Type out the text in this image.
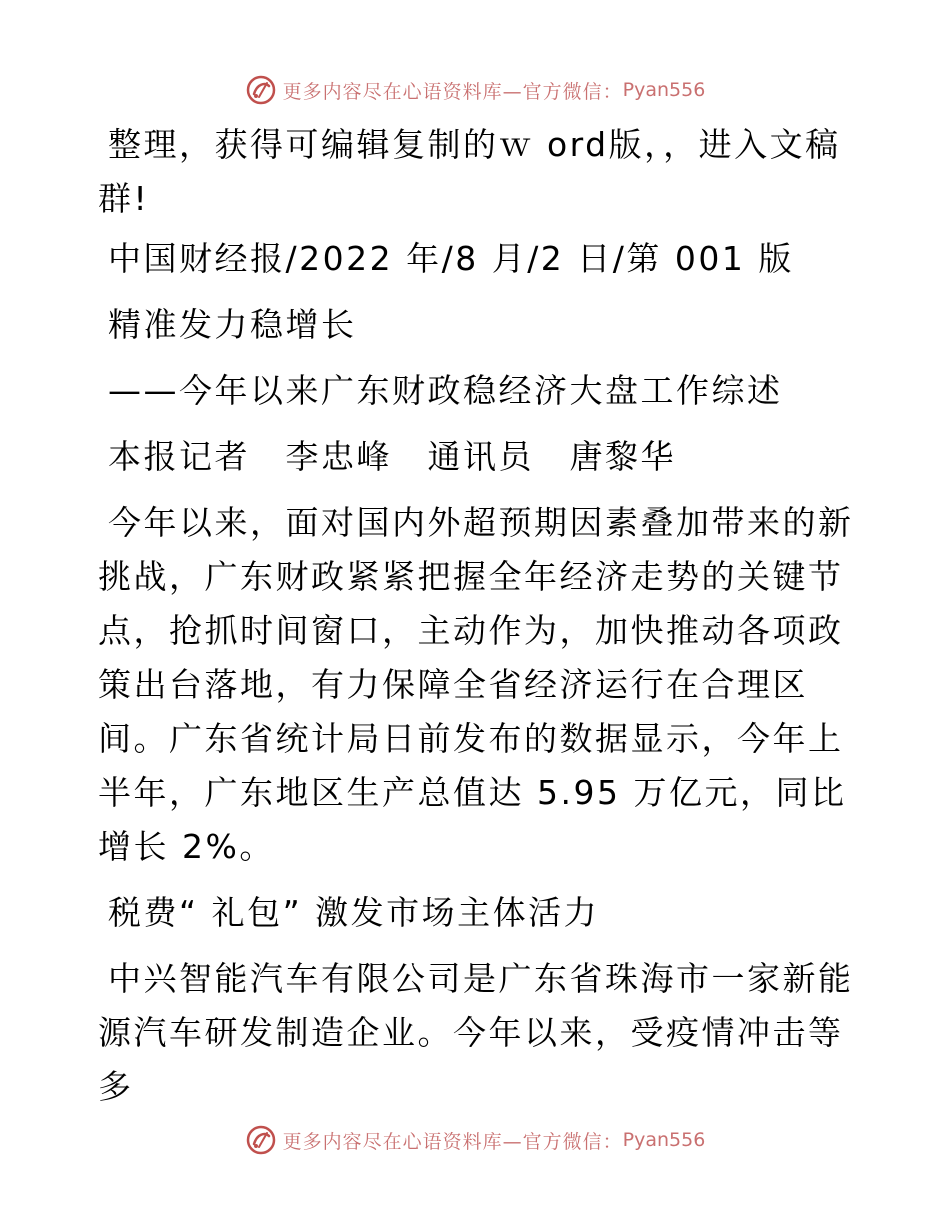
更多内容尽在心语资料库—官方微信： Pyan556

整理，获得可编辑复制的ｗ ord版，，进入文稿群!

中国财经报/2022 年/8 月/2 日/第 001 版

精准发力稳增长

——今年以来广东财政稳经济大盘工作综述

本报记者　李忠峰　通讯员　唐黎华

今年以来，面对国内外超预期因素叠加带来的新挑战，广东财政紧紧把握全年经济走势的关键节点，抢抓时间窗口，主动作为，加快推动各项政策出台落地，有力保障全省经济运行在合理区间。广东省统计局日前发布的数据显示，今年上半年，广东地区生产总值达 5.95 万亿元，同比增长 2%。

税费“ 礼包” 激发市场主体活力

中兴智能汽车有限公司是广东省珠海市一家新能源汽车研发制造企业。今年以来，受疫情冲击等多

更多内容尽在心语资料库—官方微信： Pyan556
